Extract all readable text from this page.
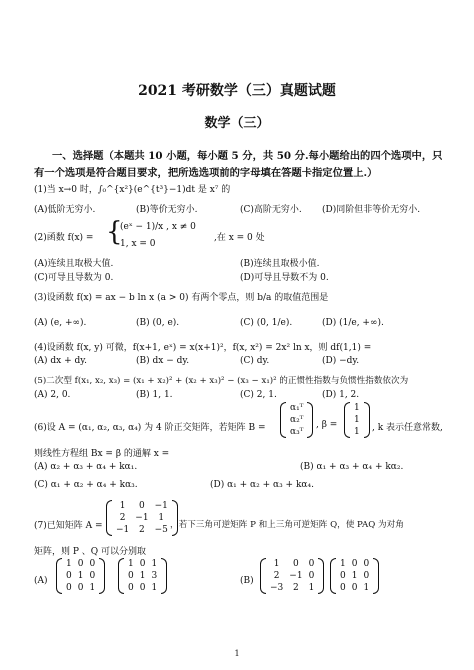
2021 考研数学（三）真题试题
数学（三）
一、选择题（本题共 10 小题，每小题 5 分，共 50 分.每小题给出的四个选项中，只有一个选项是符合题目要求，把所选选项前的字母填在答题卡指定位置上.）
(1)当 x→0 时，∫₀^{x²}(e^{t³}−1)dt 是 x⁷ 的
(A)低阶无穷小.	(B)等价无穷小.	(C)高阶无穷小. (D)同阶但非等价无穷小.
(2)函数 f(x) = {
(eˣ − 1)/x , x ≠ 0
1, x = 0
,在 x = 0 处
(A)连续且取极大值.	(B)连续且取极小值.
(C)可导且导数为 0.	(D)可导且导数不为 0.
(3)设函数 f(x) = ax − b ln x (a > 0) 有两个零点，则 b/a 的取值范围是
(A) (e, +∞).	(B) (0, e).	(C) (0, 1/e).	(D) (1/e, +∞).
(4)设函数 f(x, y) 可微，f(x+1, eˣ) = x(x+1)²，f(x, x²) = 2x² ln x，则 df(1,1) =
(A) dx + dy.	(B) dx − dy.	(C) dy.	(D) −dy.
(5)二次型 f(x₁, x₂, x₃) = (x₁ + x₂)² + (x₂ + x₃)² − (x₃ − x₁)² 的正惯性指数与负惯性指数依次为
(A) 2, 0.	(B) 1, 1.	(C) 2, 1.	(D) 1, 2.
(6)设 A = (α₁, α₂, α₃, α₄) 为 4 阶正交矩阵，若矩阵 B =
α₁ᵀ
α₂ᵀ
α₃ᵀ
, β =
1
1
1 , k 表示任意常数,
则线性方程组 Bx = β 的通解 x =
(A) α₂ + α₃ + α₄ + kα₁.	(B) α₁ + α₃ + α₄ + kα₂.
(C) α₁ + α₂ + α₄ + kα₃.	(D) α₁ + α₂ + α₃ + kα₄.
(7)已知矩阵 A =
1	0	−1
2	−1	1
−1	2	−5 ，若下三角可逆矩阵 P 和上三角可逆矩阵 Q，使 PAQ 为对角
矩阵，则 P 、Q 可以分别取
(A)
1	0	0
0	1	0
0	0	1
1	0	1
0	1	3
0	0	1
(B)
1	0	0
2	−1	0
−3	2	1
1	0	0
0	1	0
0	0	1
1
